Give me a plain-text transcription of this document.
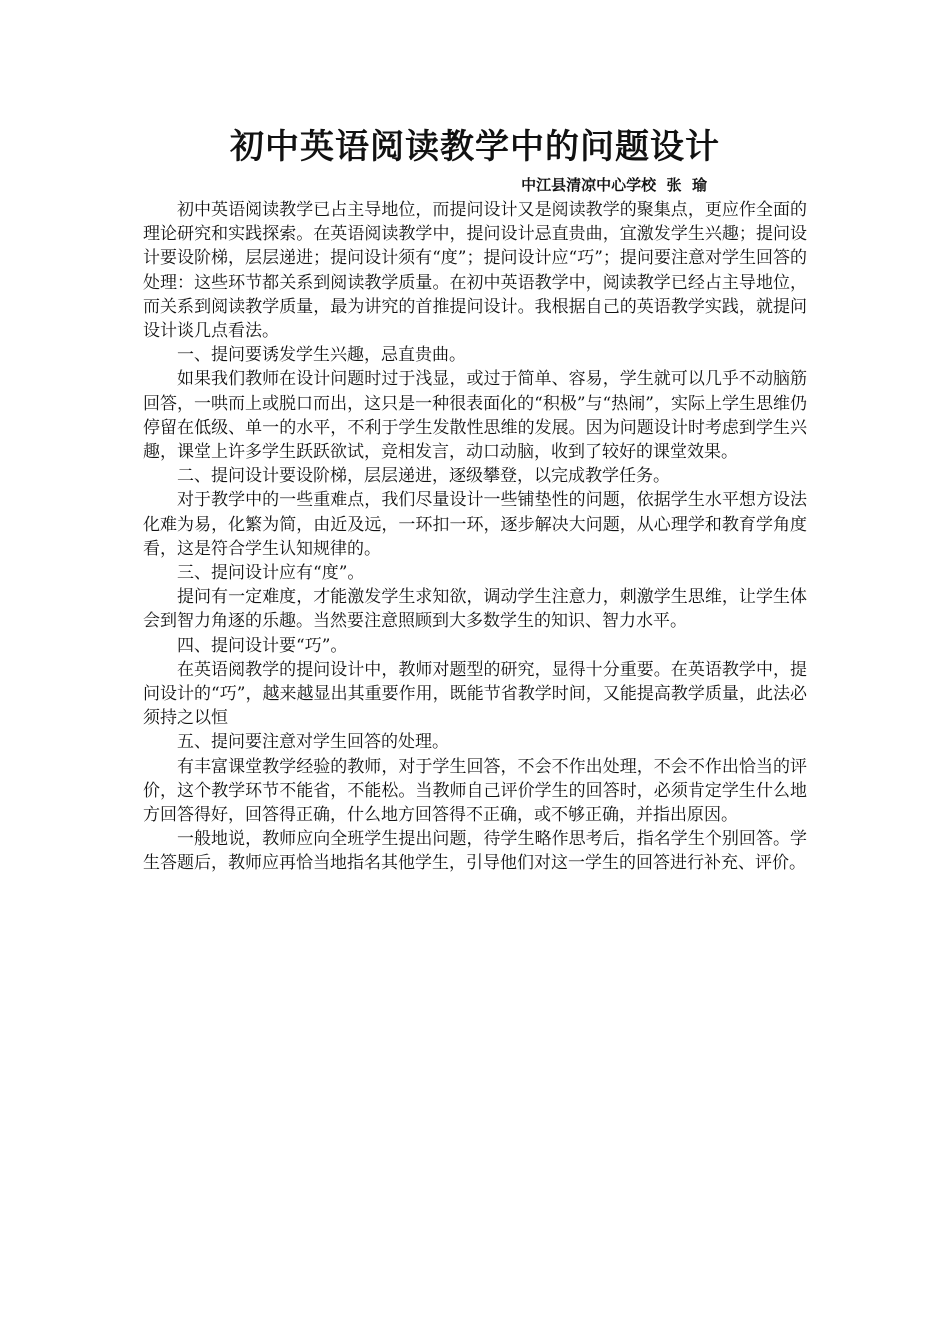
初中英语阅读教学中的问题设计
中江县清凉中心学校  张  瑜

初中英语阅读教学已占主导地位，而提问设计又是阅读教学的聚集点，更应作全面的理论研究和实践探索。在英语阅读教学中，提问设计忌直贵曲，宜激发学生兴趣；提问设计要设阶梯，层层递进；提问设计须有“度”；提问设计应“巧”；提问要注意对学生回答的处理：这些环节都关系到阅读教学质量。在初中英语教学中，阅读教学已经占主导地位，而关系到阅读教学质量，最为讲究的首推提问设计。我根据自己的英语教学实践，就提问设计谈几点看法。

一、提问要诱发学生兴趣，忌直贵曲。

如果我们教师在设计问题时过于浅显，或过于简单、容易，学生就可以几乎不动脑筋回答，一哄而上或脱口而出，这只是一种很表面化的“积极”与“热闹”，实际上学生思维仍停留在低级、单一的水平，不利于学生发散性思维的发展。因为问题设计时考虑到学生兴趣，课堂上许多学生跃跃欲试，竞相发言，动口动脑，收到了较好的课堂效果。

二、提问设计要设阶梯，层层递进，逐级攀登，以完成教学任务。

对于教学中的一些重难点，我们尽量设计一些铺垫性的问题，依据学生水平想方设法化难为易，化繁为简，由近及远，一环扣一环，逐步解决大问题，从心理学和教育学角度看，这是符合学生认知规律的。

三、提问设计应有“度”。

提问有一定难度，才能激发学生求知欲，调动学生注意力，刺激学生思维，让学生体会到智力角逐的乐趣。当然要注意照顾到大多数学生的知识、智力水平。

四、提问设计要“巧”。

在英语阅教学的提问设计中，教师对题型的研究，显得十分重要。在英语教学中，提问设计的“巧”，越来越显出其重要作用，既能节省教学时间，又能提高教学质量，此法必须持之以恒

五、提问要注意对学生回答的处理。

有丰富课堂教学经验的教师，对于学生回答，不会不作出处理，不会不作出恰当的评价，这个教学环节不能省，不能松。当教师自己评价学生的回答时，必须肯定学生什么地方回答得好，回答得正确，什么地方回答得不正确，或不够正确，并指出原因。

一般地说，教师应向全班学生提出问题，待学生略作思考后，指名学生个别回答。学生答题后，教师应再恰当地指名其他学生，引导他们对这一学生的回答进行补充、评价。
